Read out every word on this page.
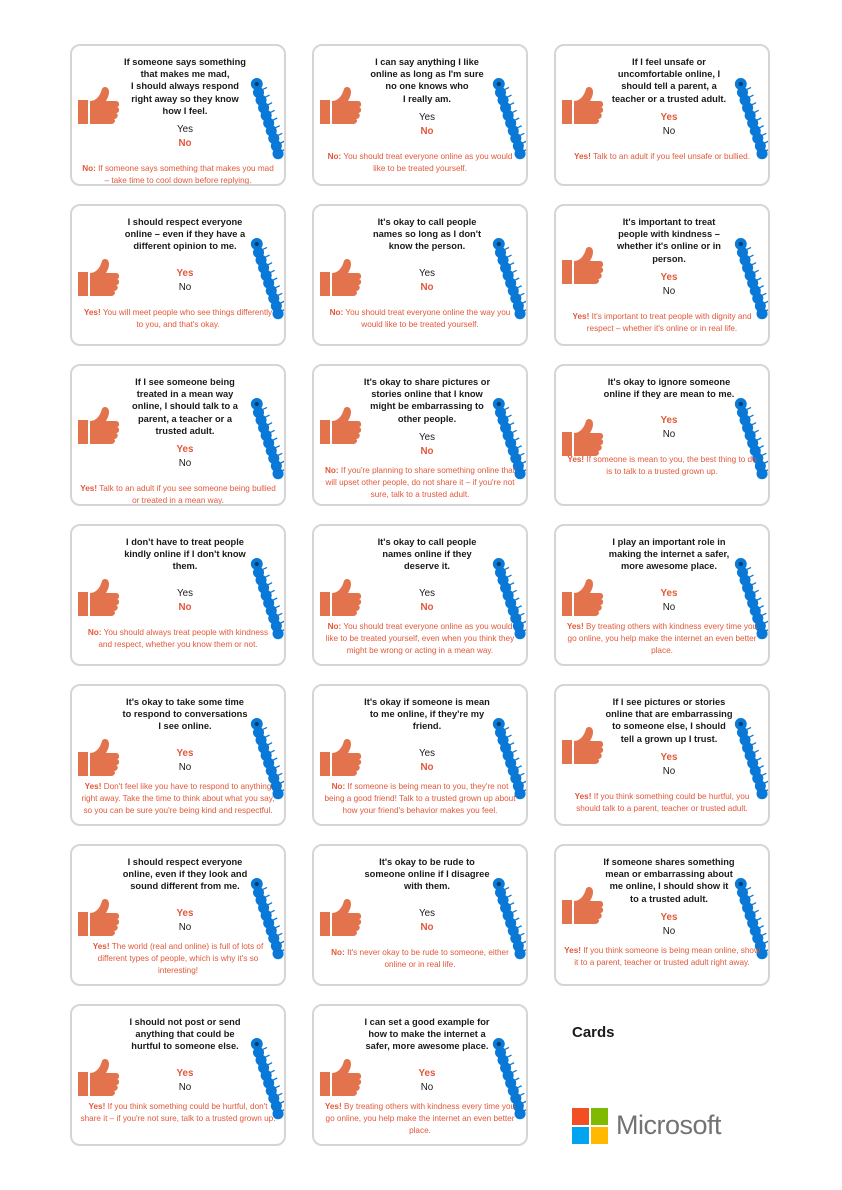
If someone says something
that makes me mad,
I should always respond
right away so they know
how I feel.
Yes
No
No: If someone says something that makes you mad – take time to cool down before replying.
I can say anything I like
online as long as I'm sure
no one knows who
I really am.
Yes
No
No: You should treat everyone online as you would like to be treated yourself.
If I feel unsafe or
uncomfortable online, I
should tell a parent, a
teacher or a trusted adult.
Yes
No
Yes! Talk to an adult if you feel unsafe or bullied.
I should respect everyone
online – even if they have a
different opinion to me.
Yes
No
Yes! You will meet people who see things differently to you, and that's okay.
It's okay to call people
names so long as I don't
know the person.
Yes
No
No: You should treat everyone online the way you would like to be treated yourself.
It's important to treat
people with kindness –
whether it's online or in
person.
Yes
No
Yes! It's important to treat people with dignity and respect – whether it's online or in real life.
If I see someone being
treated in a mean way
online, I should talk to a
parent, a teacher or a
trusted adult.
Yes
No
Yes! Talk to an adult if you see someone being bullied or treated in a mean way.
It's okay to share pictures or
stories online that I know
might be embarrassing to
other people.
Yes
No
No: If you're planning to share something online that will upset other people, do not share it – if you're not sure, talk to a trusted adult.
It's okay to ignore someone
online if they are mean to me.
Yes
No
Yes! If someone is mean to you, the best thing to do is to talk to a trusted grown up.
I don't have to treat people
kindly online if I don't know
them.
Yes
No
No: You should always treat people with kindness and respect, whether you know them or not.
It's okay to call people
names online if they
deserve it.
Yes
No
No: You should treat everyone online as you would like to be treated yourself, even when you think they might be wrong or acting in a mean way.
I play an important role in
making the internet a safer,
more awesome place.
Yes
No
Yes! By treating others with kindness every time you go online, you help make the internet an even better place.
It's okay to take some time
to respond to conversations
I see online.
Yes
No
Yes! Don't feel like you have to respond to anything right away. Take the time to think about what you say, so you can be sure you're being kind and respectful.
It's okay if someone is mean
to me online, if they're my
friend.
Yes
No
No: If someone is being mean to you, they're not being a good friend! Talk to a trusted grown up about how your friend's behavior makes you feel.
If I see pictures or stories
online that are embarrassing
to someone else, I should
tell a grown up I trust.
Yes
No
Yes! If you think something could be hurtful, you should talk to a parent, teacher or trusted adult.
I should respect everyone
online, even if they look and
sound different from me.
Yes
No
Yes! The world (real and online) is full of lots of different types of people, which is why it's so interesting!
It's okay to be rude to
someone online if I disagree
with them.
Yes
No
No: It's never okay to be rude to someone, either online or in real life.
If someone shares something
mean or embarrassing about
me online, I should show it
to a trusted adult.
Yes
No
Yes! If you think someone is being mean online, show it to a parent, teacher or trusted adult right away.
I should not post or send
anything that could be
hurtful to someone else.
Yes
No
Yes! If you think something could be hurtful, don't share it – if you're not sure, talk to a trusted grown up.
I can set a good example for
how to make the internet a
safer, more awesome place.
Yes
No
Yes! By treating others with kindness every time you go online, you help make the internet an even better place.
Cards
Microsoft
